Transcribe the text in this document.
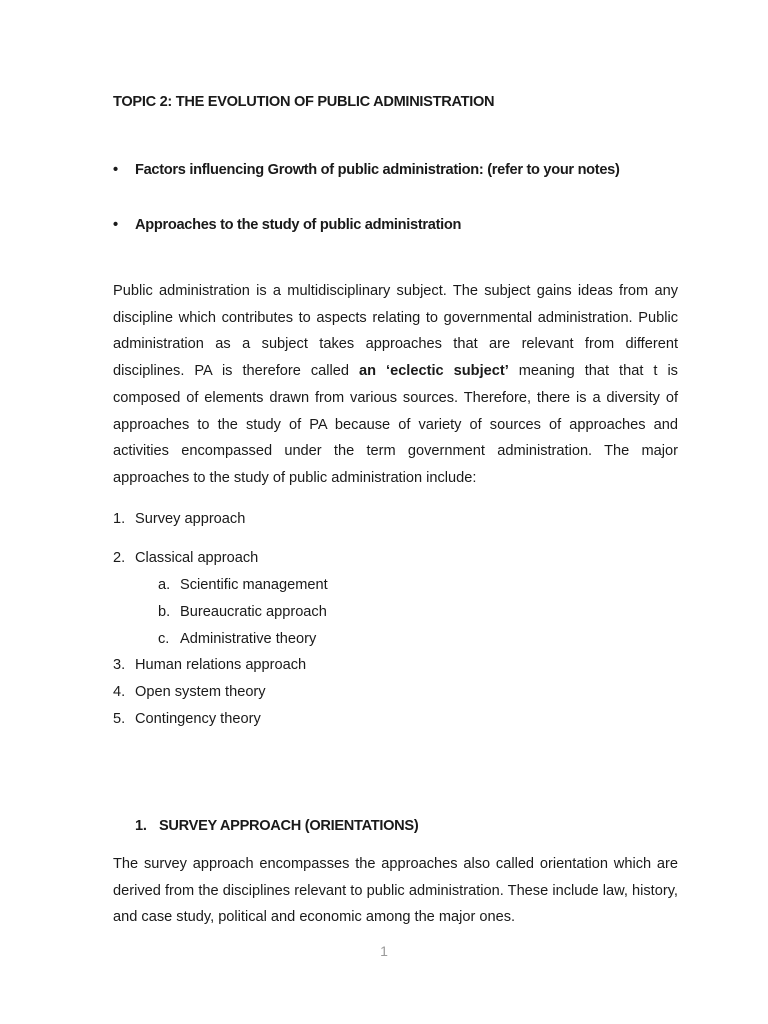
TOPIC 2: THE EVOLUTION OF PUBLIC ADMINISTRATION
•	Factors influencing Growth of public administration: (refer to your notes)
•	Approaches to the study of public administration
Public administration is a multidisciplinary subject. The subject gains ideas from any discipline which contributes to aspects relating to governmental administration. Public administration as a subject takes approaches that are relevant from different disciplines. PA is therefore called an ‘eclectic subject’ meaning that that t is composed of elements drawn from various sources. Therefore, there is a diversity of approaches to the study of PA because of variety of sources of approaches and activities encompassed under the term government administration. The major approaches to the study of public administration include:
1. Survey approach
2. Classical approach
a. Scientific management
b. Bureaucratic approach
c. Administrative theory
3. Human relations approach
4. Open system theory
5. Contingency theory
1. SURVEY APPROACH (ORIENTATIONS)
The survey approach encompasses the approaches also called orientation which are derived from the disciplines relevant to public administration. These include law, history, and case study, political and economic among the major ones.
1
